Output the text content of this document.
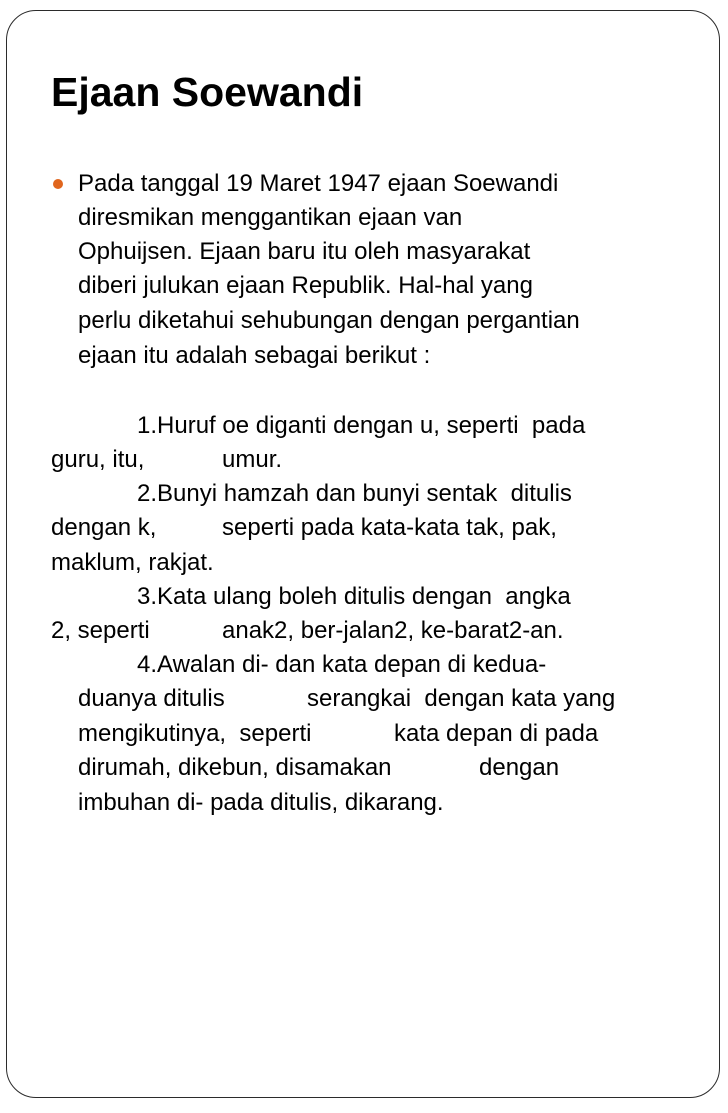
Ejaan Soewandi
Pada tanggal 19 Maret 1947 ejaan Soewandi
diresmikan menggantikan ejaan van
Ophuijsen. Ejaan baru itu oleh masyarakat
diberi julukan ejaan Republik. Hal-hal yang
perlu diketahui sehubungan dengan pergantian
ejaan itu adalah sebagai berikut :
1.Huruf oe diganti dengan u, seperti  pada
guru, itu,	umur.
2.Bunyi hamzah dan bunyi sentak  ditulis
dengan k,	seperti pada kata-kata tak, pak,
maklum, rakjat.
3.Kata ulang boleh ditulis dengan  angka
2, seperti	anak2, ber-jalan2, ke-barat2-an.
4.Awalan di- dan kata depan di kedua-
duanya ditulis	serangkai  dengan kata yang
mengikutinya,  seperti	kata depan di pada
dirumah, dikebun, disamakan	dengan
imbuhan di- pada ditulis, dikarang.
